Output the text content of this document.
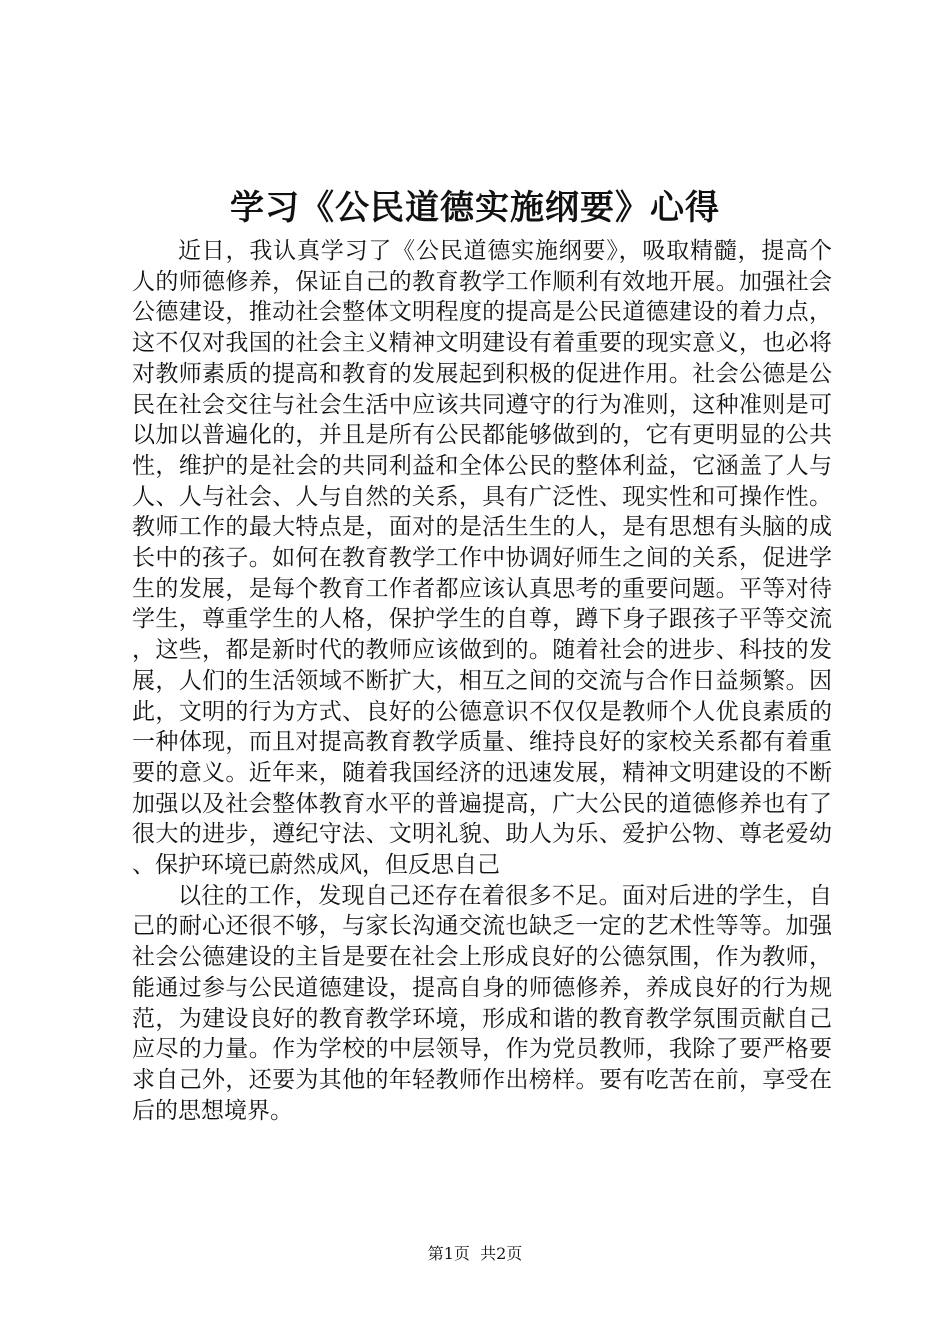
学习《公民道德实施纲要》心得

近日，我认真学习了《公民道德实施纲要》，吸取精髓，提高个人的师德修养，保证自己的教育教学工作顺利有效地开展。加强社会公德建设，推动社会整体文明程度的提高是公民道德建设的着力点，这不仅对我国的社会主义精神文明建设有着重要的现实意义，也必将对教师素质的提高和教育的发展起到积极的促进作用。社会公德是公民在社会交往与社会生活中应该共同遵守的行为准则，这种准则是可以加以普遍化的，并且是所有公民都能够做到的，它有更明显的公共性，维护的是社会的共同利益和全体公民的整体利益，它涵盖了人与人、人与社会、人与自然的关系，具有广泛性、现实性和可操作性。教师工作的最大特点是，面对的是活生生的人，是有思想有头脑的成长中的孩子。如何在教育教学工作中协调好师生之间的关系，促进学生的发展，是每个教育工作者都应该认真思考的重要问题。平等对待学生，尊重学生的人格，保护学生的自尊，蹲下身子跟孩子平等交流，这些，都是新时代的教师应该做到的。随着社会的进步、科技的发展，人们的生活领域不断扩大，相互之间的交流与合作日益频繁。因此，文明的行为方式、良好的公德意识不仅仅是教师个人优良素质的一种体现，而且对提高教育教学质量、维持良好的家校关系都有着重要的意义。近年来，随着我国经济的迅速发展，精神文明建设的不断加强以及社会整体教育水平的普遍提高，广大公民的道德修养也有了很大的进步，遵纪守法、文明礼貌、助人为乐、爱护公物、尊老爱幼、保护环境已蔚然成风，但反思自己

以往的工作，发现自己还存在着很多不足。面对后进的学生，自己的耐心还很不够，与家长沟通交流也缺乏一定的艺术性等等。加强社会公德建设的主旨是要在社会上形成良好的公德氛围，作为教师，能通过参与公民道德建设，提高自身的师德修养，养成良好的行为规范，为建设良好的教育教学环境，形成和谐的教育教学氛围贡献自己应尽的力量。作为学校的中层领导，作为党员教师，我除了要严格要求自己外，还要为其他的年轻教师作出榜样。要有吃苦在前，享受在后的思想境界。

第1页 共2页
